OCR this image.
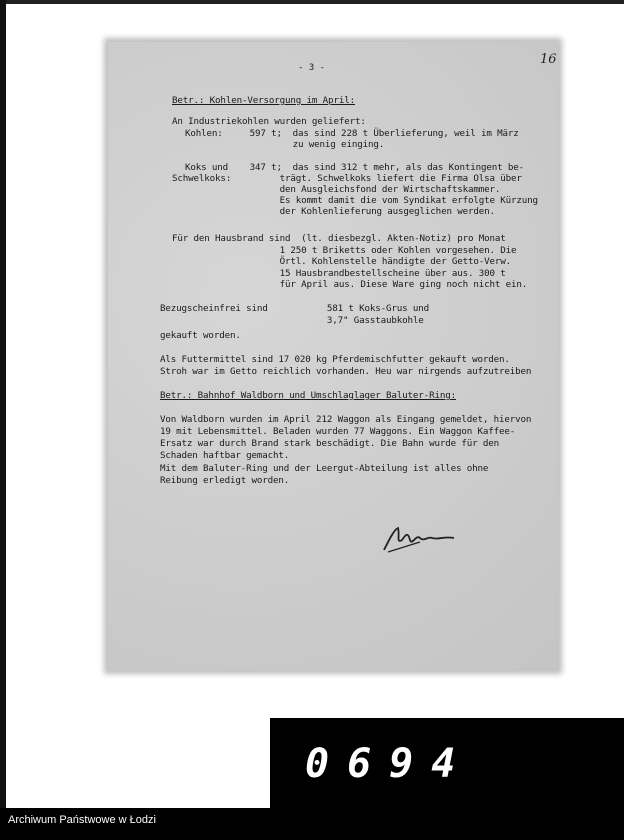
- 3 -
16
Betr.: Kohlen-Versorgung im April:
An Industriekohlen wurden geliefert:
Kohlen:     597 t;  das sind 228 t Überlieferung, weil im März
zu wenig einging.
Koks und    347 t;  das sind 312 t mehr, als das Kontingent be-
Schwelkoks:         trägt. Schwelkoks liefert die Firma Olsa über
den Ausgleichsfond der Wirtschaftskammer.
Es kommt damit die vom Syndikat erfolgte Kürzung
der Kohlenlieferung ausgeglichen werden.
Für den Hausbrand sind  (lt. diesbezgl. Akten-Notiz) pro Monat
1 250 t Briketts oder Kohlen vorgesehen. Die
Örtl. Kohlenstelle händigte der Getto-Verw.
15 Hausbrandbestellscheine über aus. 300 t
für April aus. Diese Ware ging noch nicht ein.
Bezugscheinfrei sind           581 t Koks-Grus und
3,7" Gasstaubkohle
gekauft worden.
Als Futtermittel sind 17 020 kg Pferdemischfutter gekauft worden.
Stroh war im Getto reichlich vorhanden. Heu war nirgends aufzutreiben
Betr.: Bahnhof Waldborn und Umschlaglager Baluter-Ring:
Von Waldborn wurden im April 212 Waggon als Eingang gemeldet, hiervon
19 mit Lebensmittel. Beladen wurden 77 Waggons. Ein Waggon Kaffee-
Ersatz war durch Brand stark beschädigt. Die Bahn wurde für den
Schaden haftbar gemacht.
Mit dem Baluter-Ring und der Leergut-Abteilung ist alles ohne
Reibung erledigt worden.
0694
Archiwum Państwowe w Łodzi
